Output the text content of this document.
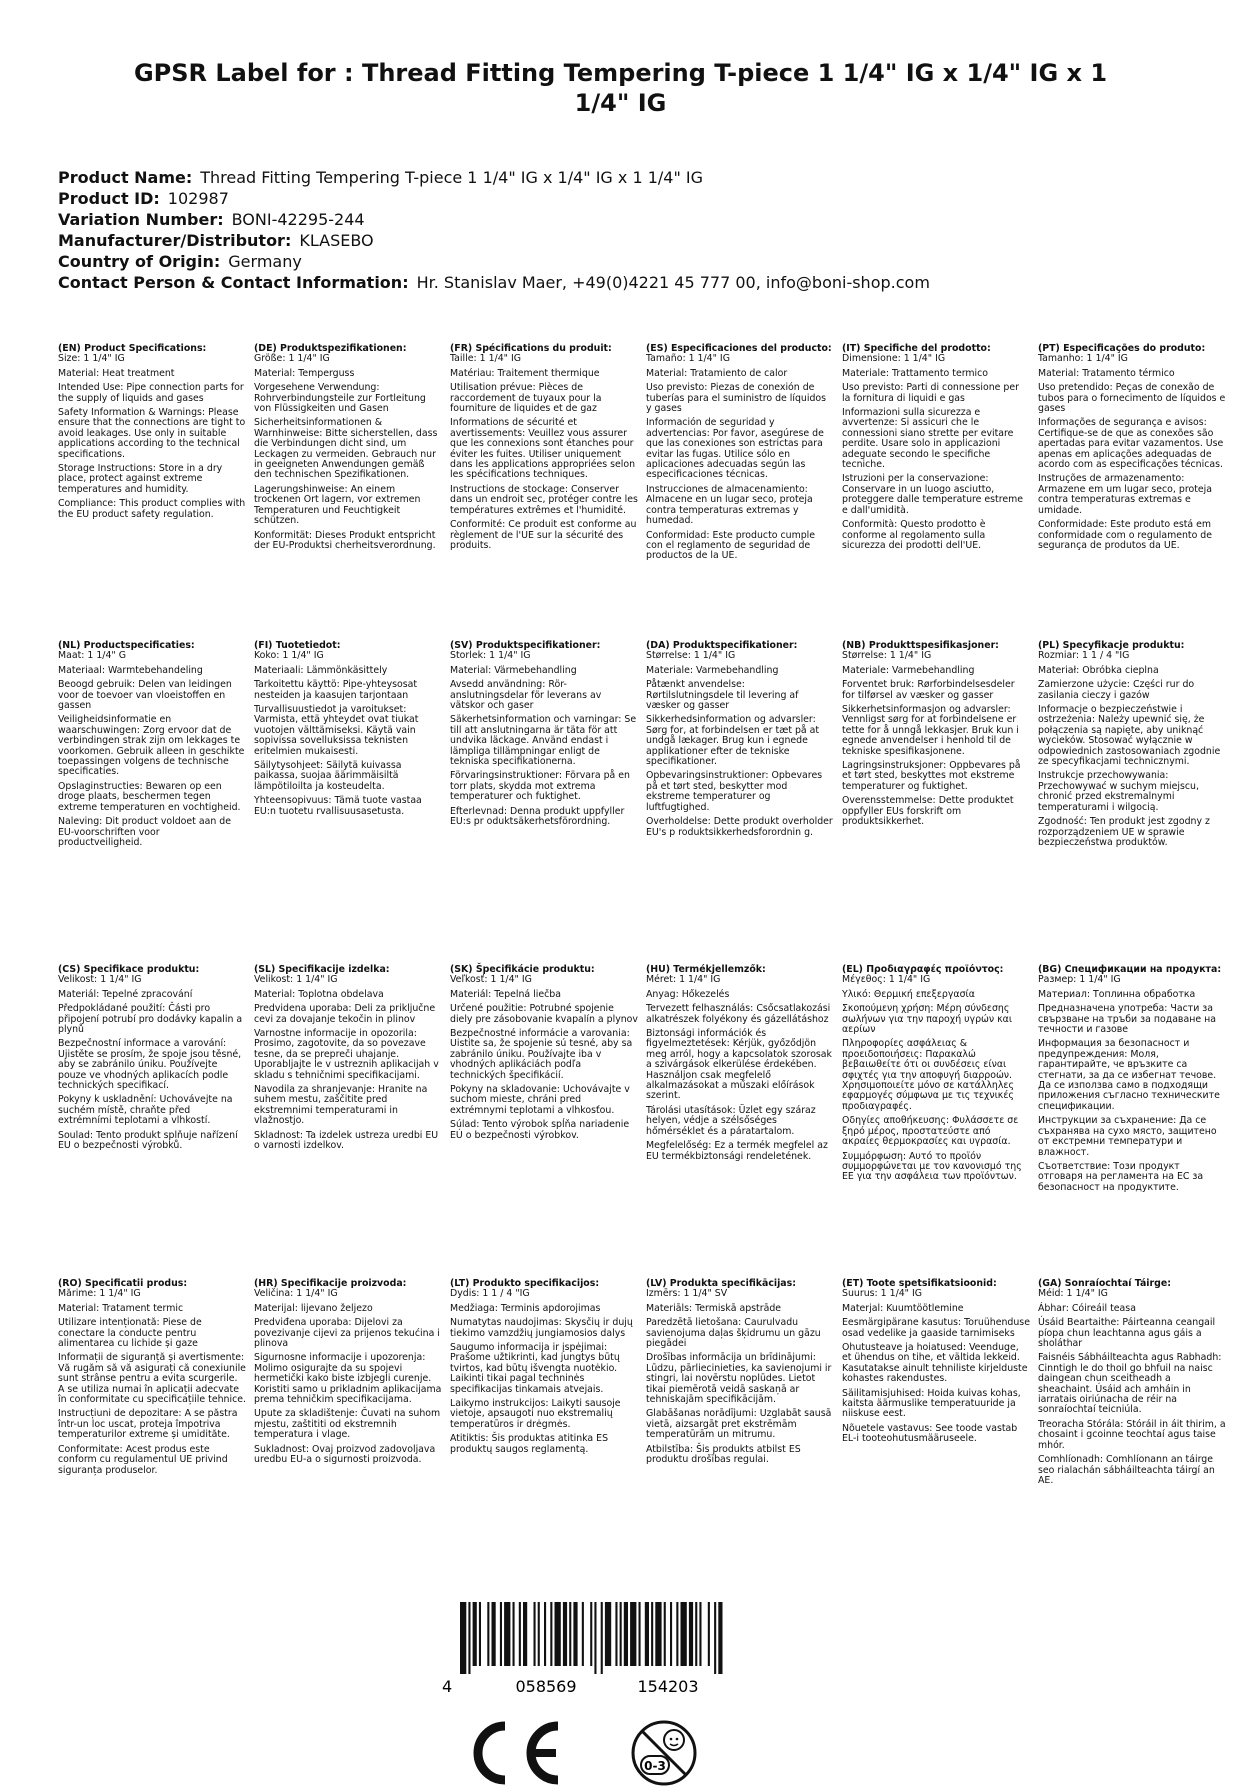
GPSR Label for : Thread Fitting Tempering T-piece 1 1/4" IG x 1/4" IG x 1 1/4" IG
Product Name: Thread Fitting Tempering T-piece 1 1/4" IG x 1/4" IG x 1 1/4" IG
Product ID: 102987
Variation Number: BONI-42295-244
Manufacturer/Distributor: KLASEBO
Country of Origin: Germany
Contact Person & Contact Information: Hr. Stanislav Maer, +49(0)4221 45 777 00, info@boni-shop.com
(EN) Product Specifications:
Size: 1 1/4" IG
Material: Heat treatment
Intended Use: Pipe connection parts for the supply of liquids and gases
Safety Information & Warnings: Please ensure that the connections are tight to avoid leakages. Use only in suitable applications according to the technical specifications.
Storage Instructions: Store in a dry place, protect against extreme temperatures and humidity.
Compliance: This product complies with the EU product safety regulation.
(DE) Produktspezifikationen:
Größe: 1 1/4" IG
Material: Temperguss
Vorgesehene Verwendung: Rohrverbindungsteile zur Fortleitung von Flüssigkeiten und Gasen
Sicherheitsinformationen & Warnhinweise: Bitte sicherstellen, dass die Verbindungen dicht sind, um Leckagen zu vermeiden. Gebrauch nur in geeigneten Anwendungen gemäß den technischen Spezifikationen.
Lagerungshinweise: An einem trockenen Ort lagern, vor extremen Temperaturen und Feuchtigkeit schützen.
Konformität: Dieses Produkt entspricht der EU-Produktsi cherheitsverordnung.
(FR) Spécifications du produit:
Taille: 1 1/4" IG
Matériau: Traitement thermique
Utilisation prévue: Pièces de raccordement de tuyaux pour la fourniture de liquides et de gaz
Informations de sécurité et avertissements: Veuillez vous assurer que les connexions sont étanches pour éviter les fuites. Utiliser uniquement dans les applications appropriées selon les spécifications techniques.
Instructions de stockage: Conserver dans un endroit sec, protéger contre les températures extrêmes et l'humidité.
Conformité: Ce produit est conforme au règlement de l'UE sur la sécurité des produits.
(ES) Especificaciones del producto:
Tamaño: 1 1/4" IG
Material: Tratamiento de calor
Uso previsto: Piezas de conexión de tuberías para el suministro de líquidos y gases
Información de seguridad y advertencias: Por favor, asegúrese de que las conexiones son estrictas para evitar las fugas. Utilice sólo en aplicaciones adecuadas según las especificaciones técnicas.
Instrucciones de almacenamiento: Almacene en un lugar seco, proteja contra temperaturas extremas y humedad.
Conformidad: Este producto cumple con el reglamento de seguridad de productos de la UE.
(IT) Specifiche del prodotto:
Dimensione: 1 1/4" IG
Materiale: Trattamento termico
Uso previsto: Parti di connessione per la fornitura di liquidi e gas
Informazioni sulla sicurezza e avvertenze: Si assicuri che le connessioni siano strette per evitare perdite. Usare solo in applicazioni adeguate secondo le specifiche tecniche.
Istruzioni per la conservazione: Conservare in un luogo asciutto, proteggere dalle temperature estreme e dall'umidità.
Conformità: Questo prodotto è conforme al regolamento sulla sicurezza dei prodotti dell'UE.
(PT) Especificações do produto:
Tamanho: 1 1/4" IG
Material: Tratamento térmico
Uso pretendido: Peças de conexão de tubos para o fornecimento de líquidos e gases
Informações de segurança e avisos: Certifique-se de que as conexões são apertadas para evitar vazamentos. Use apenas em aplicações adequadas de acordo com as especificações técnicas.
Instruções de armazenamento: Armazene em um lugar seco, proteja contra temperaturas extremas e umidade.
Conformidade: Este produto está em conformidade com o regulamento de segurança de produtos da UE.
(NL) Productspecificaties:
Maat: 1 1/4" G
Materiaal: Warmtebehandeling
Beoogd gebruik: Delen van leidingen voor de toevoer van vloeistoffen en gassen
Veiligheidsinformatie en waarschuwingen: Zorg ervoor dat de verbindingen strak zijn om lekkages te voorkomen. Gebruik alleen in geschikte toepassingen volgens de technische specificaties.
Opslaginstructies: Bewaren op een droge plaats, beschermen tegen extreme temperaturen en vochtigheid.
Naleving: Dit product voldoet aan de EU-voorschriften voor productveiligheid.
(FI) Tuotetiedot:
Koko: 1 1/4" IG
Materiaali: Lämmönkäsittely
Tarkoitettu käyttö: Pipe-yhteysosat nesteiden ja kaasujen tarjontaan
Turvallisuustiedot ja varoitukset: Varmista, että yhteydet ovat tiukat vuotojen välttämiseksi. Käytä vain sopivissa sovelluksissa teknisten eritelmien mukaisesti.
Säilytysohjeet: Säilytä kuivassa paikassa, suojaa äärimmäisiltä lämpötiloilta ja kosteudelta.
Yhteensopivuus: Tämä tuote vastaa EU:n tuotetu rvallisuusasetusta.
(SV) Produktspecifikationer:
Storlek: 1 1/4" IG
Material: Värmebehandling
Avsedd användning: Rör-anslutningsdelar för leverans av vätskor och gaser
Säkerhetsinformation och varningar: Se till att anslutningarna är täta för att undvika läckage. Använd endast i lämpliga tillämpningar enligt de tekniska specifikationerna.
Förvaringsinstruktioner: Förvara på en torr plats, skydda mot extrema temperaturer och fuktighet.
Efterlevnad: Denna produkt uppfyller EU:s pr oduktsäkerhetsförordning.
(DA) Produktspecifikationer:
Størrelse: 1 1/4" IG
Materiale: Varmebehandling
Påtænkt anvendelse: Rørtilslutningsdele til levering af væsker og gasser
Sikkerhedsinformation og advarsler: Sørg for, at forbindelsen er tæt på at undgå lækager. Brug kun i egnede applikationer efter de tekniske specifikationer.
Opbevaringsinstruktioner: Opbevares på et tørt sted, beskytter mod ekstreme temperaturer og luftfugtighed.
Overholdelse: Dette produkt overholder EU's p roduktsikkerhedsforordnin g.
(NB) Produkttspesifikasjoner:
Størrelse: 1 1/4" IG
Materiale: Varmebehandling
Forventet bruk: Rørforbindelsesdeler for tilførsel av væsker og gasser
Sikkerhetsinformasjon og advarsler: Vennligst sørg for at forbindelsene er tette for å unngå lekkasjer. Bruk kun i egnede anvendelser i henhold til de tekniske spesifikasjonene.
Lagringsinstruksjoner: Oppbevares på et tørt sted, beskyttes mot ekstreme temperaturer og fuktighet.
Overensstemmelse: Dette produktet oppfyller EUs forskrift om produktsikkerhet.
(PL) Specyfikacje produktu:
Rozmiar: 1 1 / 4 "IG
Materiał: Obróbka cieplna
Zamierzone użycie: Części rur do zasilania cieczy i gazów
Informacje o bezpieczeństwie i ostrzeżenia: Należy upewnić się, że połączenia są napięte, aby uniknąć wycieków. Stosować wyłącznie w odpowiednich zastosowaniach zgodnie ze specyfikacjami technicznymi.
Instrukcje przechowywania: Przechowywać w suchym miejscu, chronić przed ekstremalnymi temperaturami i wilgocią.
Zgodność: Ten produkt jest zgodny z rozporządzeniem UE w sprawie bezpieczeństwa produktów.
(CS) Specifikace produktu:
Velikost: 1 1/4" IG
Materiál: Tepelné zpracování
Předpokládané použití: Části pro připojení potrubí pro dodávky kapalin a plynů
Bezpečnostní informace a varování: Ujistěte se prosím, že spoje jsou těsné, aby se zabránilo úniku. Používejte pouze ve vhodných aplikacích podle technických specifikací.
Pokyny k uskladnění: Uchovávejte na suchém místě, chraňte před extrémními teplotami a vlhkostí.
Soulad: Tento produkt splňuje nařízení EU o bezpečnosti výrobků.
(SL) Specifikacije izdelka:
Velikost: 1 1/4" IG
Material: Toplotna obdelava
Predvidena uporaba: Deli za priključne cevi za dovajanje tekočin in plinov
Varnostne informacije in opozorila: Prosimo, zagotovite, da so povezave tesne, da se prepreči uhajanje. Uporabljajte le v ustreznih aplikacijah v skladu s tehničnimi specifikacijami.
Navodila za shranjevanje: Hranite na suhem mestu, zaščitite pred ekstremnimi temperaturami in vlažnostjo.
Skladnost: Ta izdelek ustreza uredbi EU o varnosti izdelkov.
(SK) Špecifikácie produktu:
Veľkosť: 1 1/4" IG
Materiál: Tepelná liečba
Určené použitie: Potrubné spojenie diely pre zásobovanie kvapalín a plynov
Bezpečnostné informácie a varovania: Uistite sa, že spojenie sú tesné, aby sa zabránilo úniku. Používajte iba v vhodných aplikáciách podľa technických špecifikácií.
Pokyny na skladovanie: Uchovávajte v suchom mieste, chráni pred extrémnymi teplotami a vlhkosťou.
Súlad: Tento výrobok spĺňa nariadenie EÚ o bezpečnosti výrobkov.
(HU) Termékjellemzők:
Méret: 1 1/4" IG
Anyag: Hőkezelés
Tervezett felhasználás: Csőcsatlakozási alkatrészek folyékony és gázellátáshoz
Biztonsági információk és figyelmeztetések: Kérjük, győződjön meg arról, hogy a kapcsolatok szorosak a szivárgások elkerülése érdekében. Használjon csak megfelelő alkalmazásokat a műszaki előírások szerint.
Tárolási utasítások: Üzlet egy száraz helyen, védje a szélsőséges hőmérséklet és a páratartalom.
Megfelelőség: Ez a termék megfelel az EU termékbiztonsági rendeletének.
(EL) Προδιαγραφές προϊόντος:
Μέγεθος: 1 1/4" IG
Υλικό: Θερμική επεξεργασία
Σκοπούμενη χρήση: Μέρη σύνδεσης σωλήνων για την παροχή υγρών και αερίων
Πληροφορίες ασφάλειας & προειδοποιήσεις: Παρακαλώ βεβαιωθείτε ότι οι συνδέσεις είναι σφιχτές για την αποφυγή διαρροών. Χρησιμοποιείτε μόνο σε κατάλληλες εφαρμογές σύμφωνα με τις τεχνικές προδιαγραφές.
Οδηγίες αποθήκευσης: Φυλάσσετε σε ξηρό μέρος, προστατεύστε από ακραίες θερμοκρασίες και υγρασία.
Συμμόρφωση: Αυτό το προϊόν συμμορφώνεται με τον κανονισμό της ΕΕ για την ασφάλεια των προϊόντων.
(BG) Спецификации на продукта:
Размер: 1 1/4" IG
Материал: Топлинна обработка
Предназначена употреба: Части за свързване на тръби за подаване на течности и газове
Информация за безопасност и предупреждения: Моля, гарантирайте, че връзките са стегнати, за да се избегнат течове. Да се използва само в подходящи приложения съгласно техническите спецификации.
Инструкции за съхранение: Да се съхранява на сухо място, защитено от екстремни температури и влажност.
Съответствие: Този продукт отговаря на регламента на ЕС за безопасност на продуктите.
(RO) Specificatii produs:
Mărime: 1 1/4" IG
Material: Tratament termic
Utilizare intenționată: Piese de conectare la conducte pentru alimentarea cu lichide și gaze
Informații de siguranță și avertismente: Vă rugăm să vă asigurați că conexiunile sunt strânse pentru a evita scurgerile. A se utiliza numai în aplicații adecvate în conformitate cu specificațiile tehnice.
Instrucțiuni de depozitare: A se păstra într-un loc uscat, proteja împotriva temperaturilor extreme și umidităte.
Conformitate: Acest produs este conform cu regulamentul UE privind siguranța produselor.
(HR) Specifikacije proizvoda:
Veličina: 1 1/4" IG
Materijal: lijevano željezo
Predviđena uporaba: Dijelovi za povezivanje cijevi za prijenos tekućina i plinova
Sigurnosne informacije i upozorenja: Molimo osigurajte da su spojevi hermetički kako biste izbjegli curenje. Koristiti samo u prikladnim aplikacijama prema tehničkim specifikacijama.
Upute za skladištenje: Čuvati na suhom mjestu, zaštititi od ekstremnih temperatura i vlage.
Sukladnost: Ovaj proizvod zadovoljava uredbu EU-a o sigurnosti proizvoda.
(LT) Produkto specifikacijos:
Dydis: 1 1 / 4 "IG
Medžiaga: Terminis apdorojimas
Numatytas naudojimas: Skysčių ir dujų tiekimo vamzdžių jungiamosios dalys
Saugumo informacija ir įspėjimai: Prašome užtikrinti, kad jungtys būtų tvirtos, kad būtų išvengta nuotėkio. Laikinti tikai pagal techninės specifikacijas tinkamais atvejais.
Laikymo instrukcijos: Laikyti sausoje vietoje, apsaugoti nuo ekstremalių temperatūros ir drėgmės.
Atitiktis: Šis produktas atitinka ES produktų saugos reglamentą.
(LV) Produkta specifikācijas:
Izmērs: 1 1/4" SV
Materiāls: Termiskā apstrāde
Paredzētā lietošana: Caurulvadu savienojuma daļas šķidrumu un gāzu piegādei
Drošības informācija un brīdinājumi: Lūdzu, pārliecinieties, ka savienojumi ir stingri, lai novērstu noplūdes. Lietot tikai piemērotā veidā saskaņā ar tehniskajām specifikācijām.
Glabāšanas norādījumi: Uzglabāt sausā vietā, aizsargāt pret ekstrēmām temperatūrām un mitrumu.
Atbilstība: Šis produkts atbilst ES produktu drošības regulai.
(ET) Toote spetsifikatsioonid:
Suurus: 1 1/4" IG
Materjal: Kuumtöötlemine
Eesmärgipärane kasutus: Toruühenduse osad vedelike ja gaaside tarnimiseks
Ohutusteave ja hoiatused: Veenduge, et ühendus on tihe, et vältida lekkeid. Kasutatakse ainult tehniliste kirjelduste kohastes rakendustes.
Säilitamisjuhised: Hoida kuivas kohas, kaitsta äärmuslike temperatuuride ja niiskuse eest.
Nõuetele vastavus: See toode vastab EL-i tooteohutusmääruseele.
(GA) Sonraíochtaí Táirge:
Méid: 1 1/4" IG
Ábhar: Cóireáil teasa
Úsáid Beartaithe: Páirteanna ceangail píopa chun leachtanna agus gáis a sholáthar
Faisnéis Sábháilteachta agus Rabhadh: Cinntigh le do thoil go bhfuil na naisc daingean chun sceitheadh a sheachaint. Úsáid ach amháin in iarratais oiriúnacha de réir na sonraíochtaí teicniúla.
Treoracha Stórála: Stóráil in áit thirim, a chosaint i gcoinne teochtaí agus taise mhór.
Comhlíonadh: Comhlíonann an táirge seo rialachán sábháilteachta táirgí an AE.
4	058569	154203
0-3
